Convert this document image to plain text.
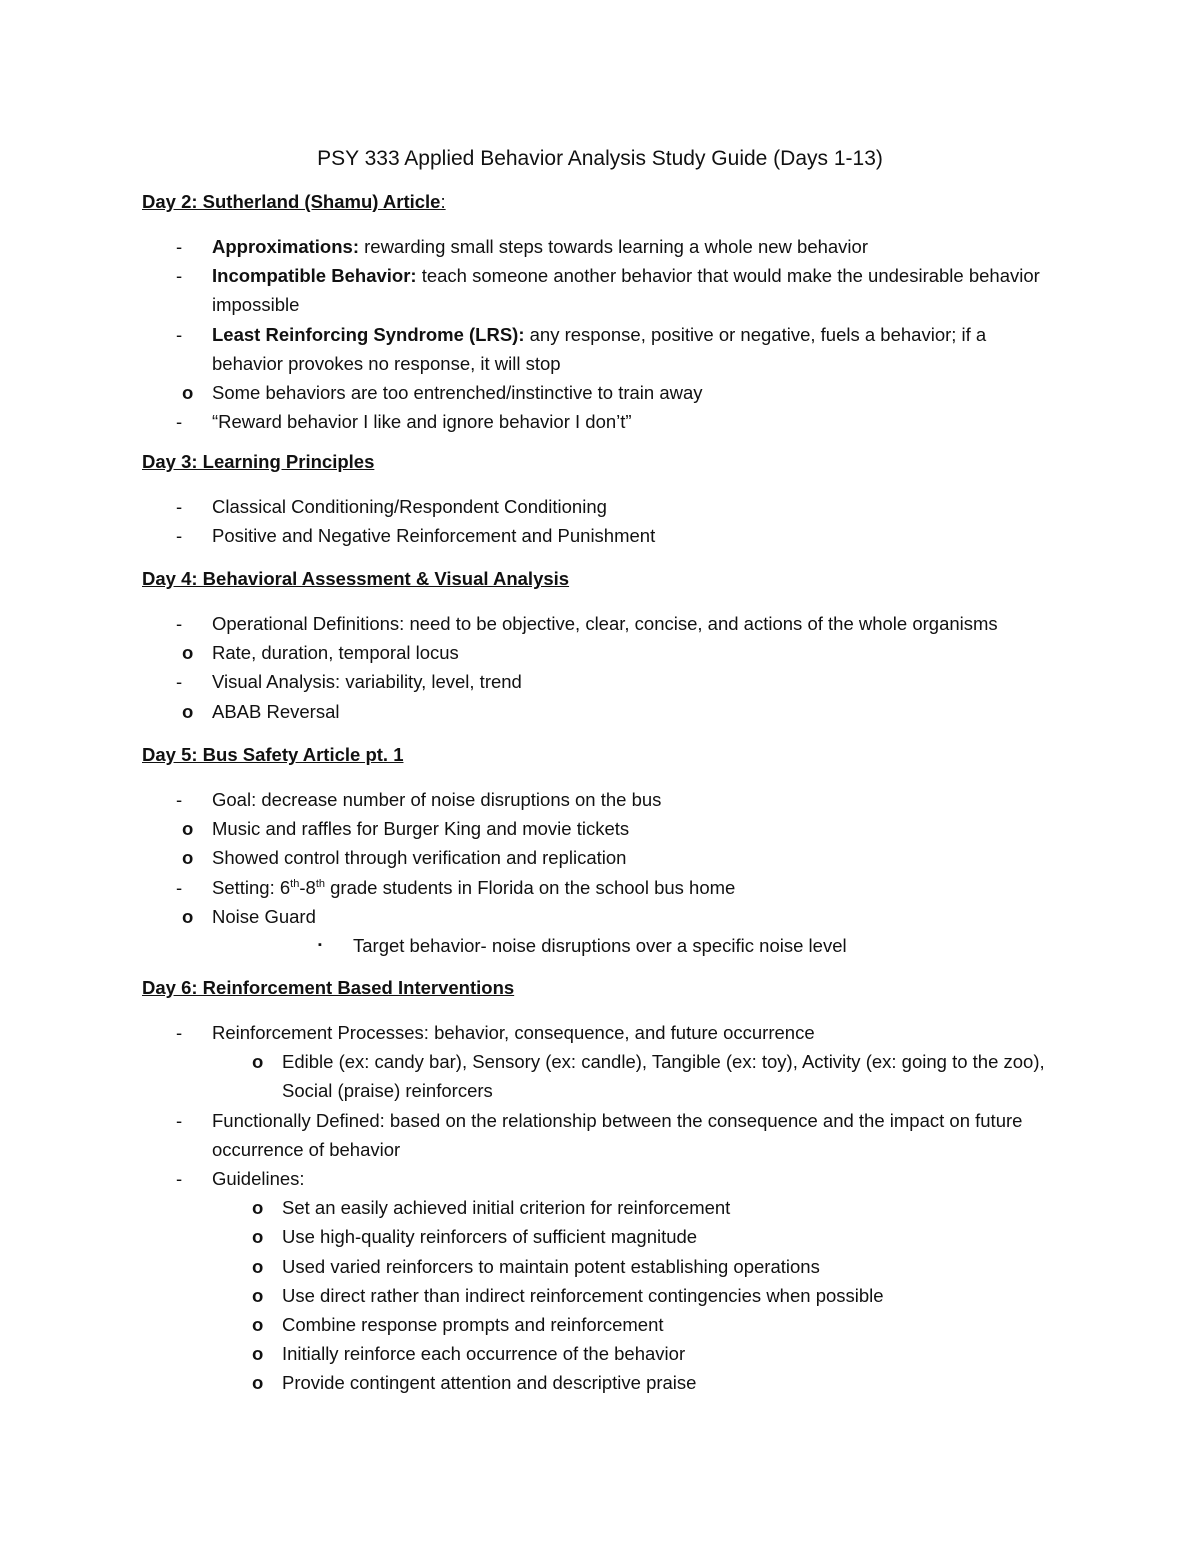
PSY 333 Applied Behavior Analysis Study Guide (Days 1-13)
Day 2: Sutherland (Shamu) Article:
- Approximations: rewarding small steps towards learning a whole new behavior
- Incompatible Behavior: teach someone another behavior that would make the undesirable behavior impossible
- Least Reinforcing Syndrome (LRS): any response, positive or negative, fuels a behavior; if a behavior provokes no response, it will stop
o Some behaviors are too entrenched/instinctive to train away
- “Reward behavior I like and ignore behavior I don’t”
Day 3: Learning Principles
- Classical Conditioning/Respondent Conditioning
- Positive and Negative Reinforcement and Punishment
Day 4: Behavioral Assessment & Visual Analysis
- Operational Definitions: need to be objective, clear, concise, and actions of the whole organisms
o Rate, duration, temporal locus
- Visual Analysis: variability, level, trend
o ABAB Reversal
Day 5: Bus Safety Article pt. 1
- Goal: decrease number of noise disruptions on the bus
o Music and raffles for Burger King and movie tickets
o Showed control through verification and replication
- Setting: 6th-8th grade students in Florida on the school bus home
o Noise Guard
▪ Target behavior- noise disruptions over a specific noise level
Day 6: Reinforcement Based Interventions
- Reinforcement Processes: behavior, consequence, and future occurrence
o Edible (ex: candy bar), Sensory (ex: candle), Tangible (ex: toy), Activity (ex: going to the zoo), Social (praise) reinforcers
- Functionally Defined: based on the relationship between the consequence and the impact on future occurrence of behavior
- Guidelines:
o Set an easily achieved initial criterion for reinforcement
o Use high-quality reinforcers of sufficient magnitude
o Used varied reinforcers to maintain potent establishing operations
o Use direct rather than indirect reinforcement contingencies when possible
o Combine response prompts and reinforcement
o Initially reinforce each occurrence of the behavior
o Provide contingent attention and descriptive praise
